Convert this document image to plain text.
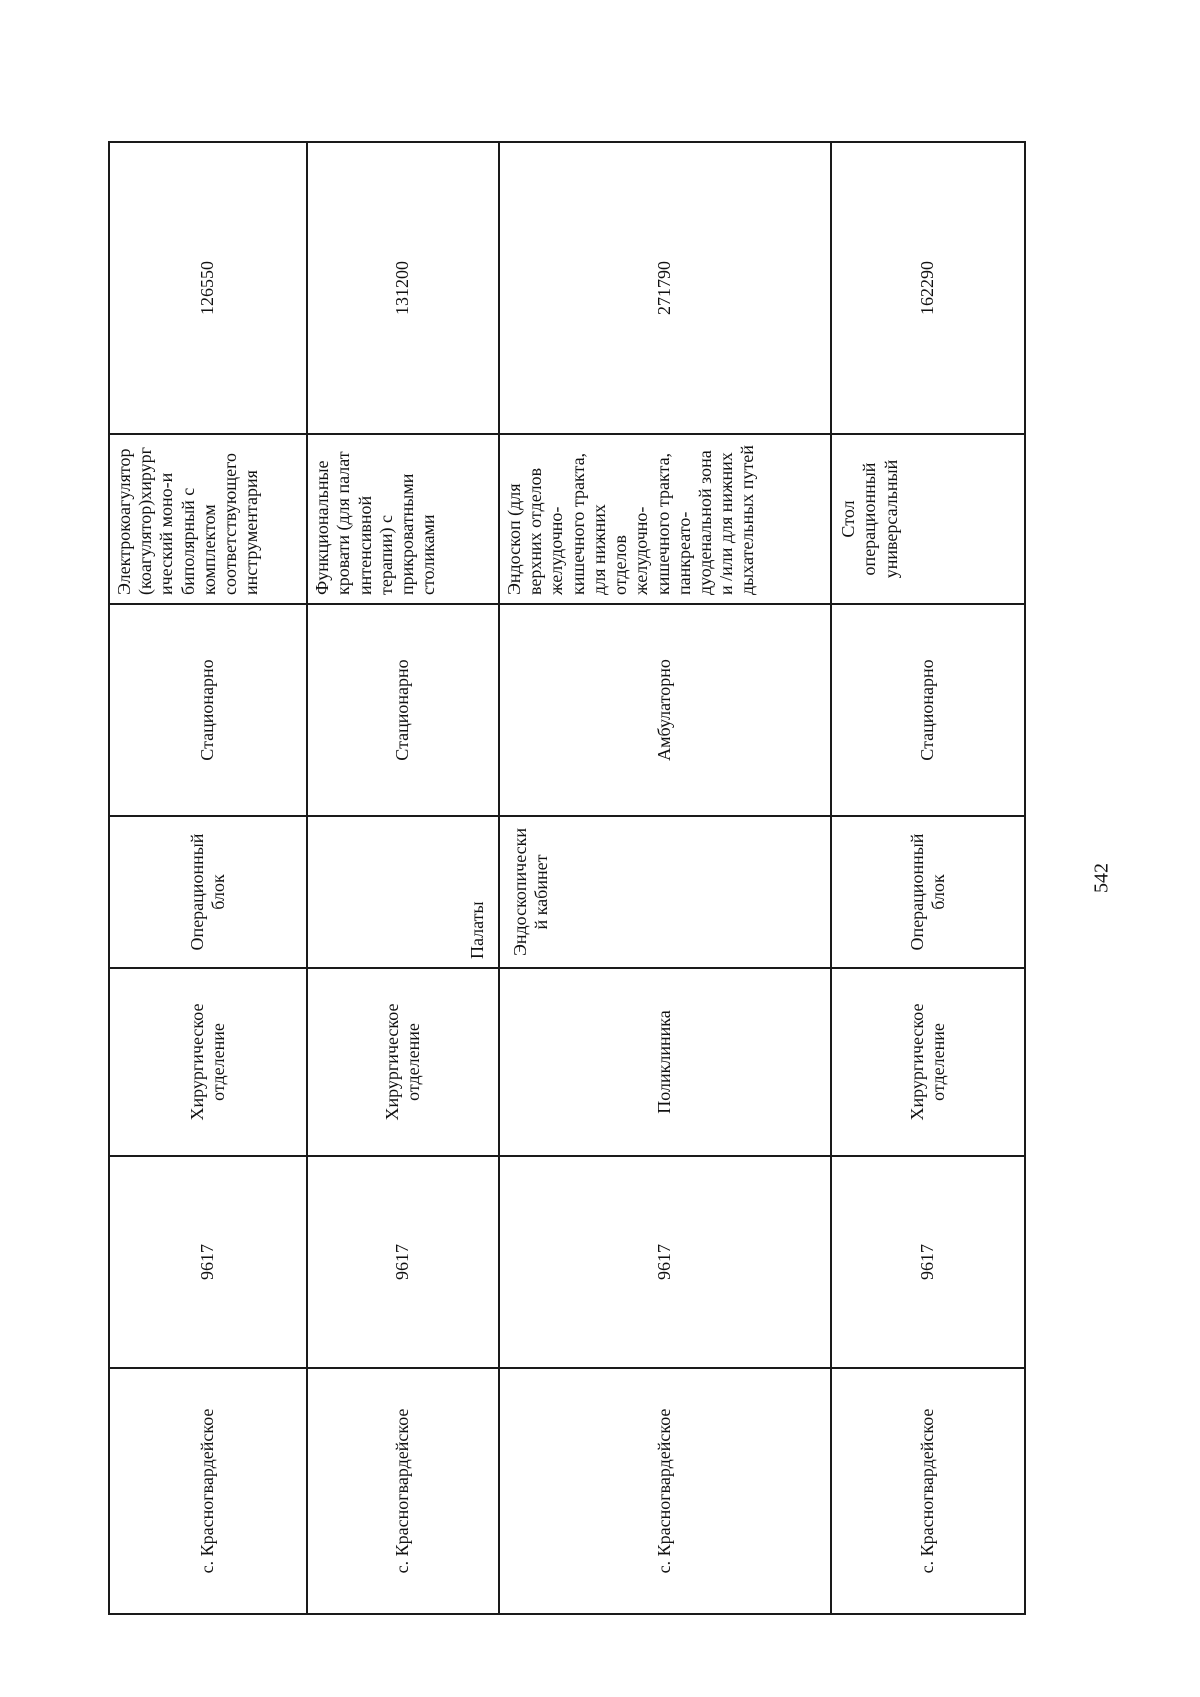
с. Красногвардейское	9617	Хирургическое отделение	Операционный блок	Стационарно	Электрокоагулятор (коагулятор)хирургический моно-и биполярный с комплектом соответствующего инструментария	126550
с. Красногвардейское	9617	Хирургическое отделение	Палаты	Стационарно	Функциональные кровати (для палат интенсивной терапии) с прикроватными столиками	131200
с. Красногвардейское	9617	Поликлиника	Эндоскопический кабинет	Амбулаторно	Эндоскоп (для верхних отделов желудочно-кишечного тракта, для нижних отделов желудочно-кишечного тракта, панкреато-дуоденальной зона и /или для нижних дыхательных путей	271790
с. Красногвардейское	9617	Хирургическое отделение	Операционный блок	Стационарно	Стол операционный универсальный	162290
542
